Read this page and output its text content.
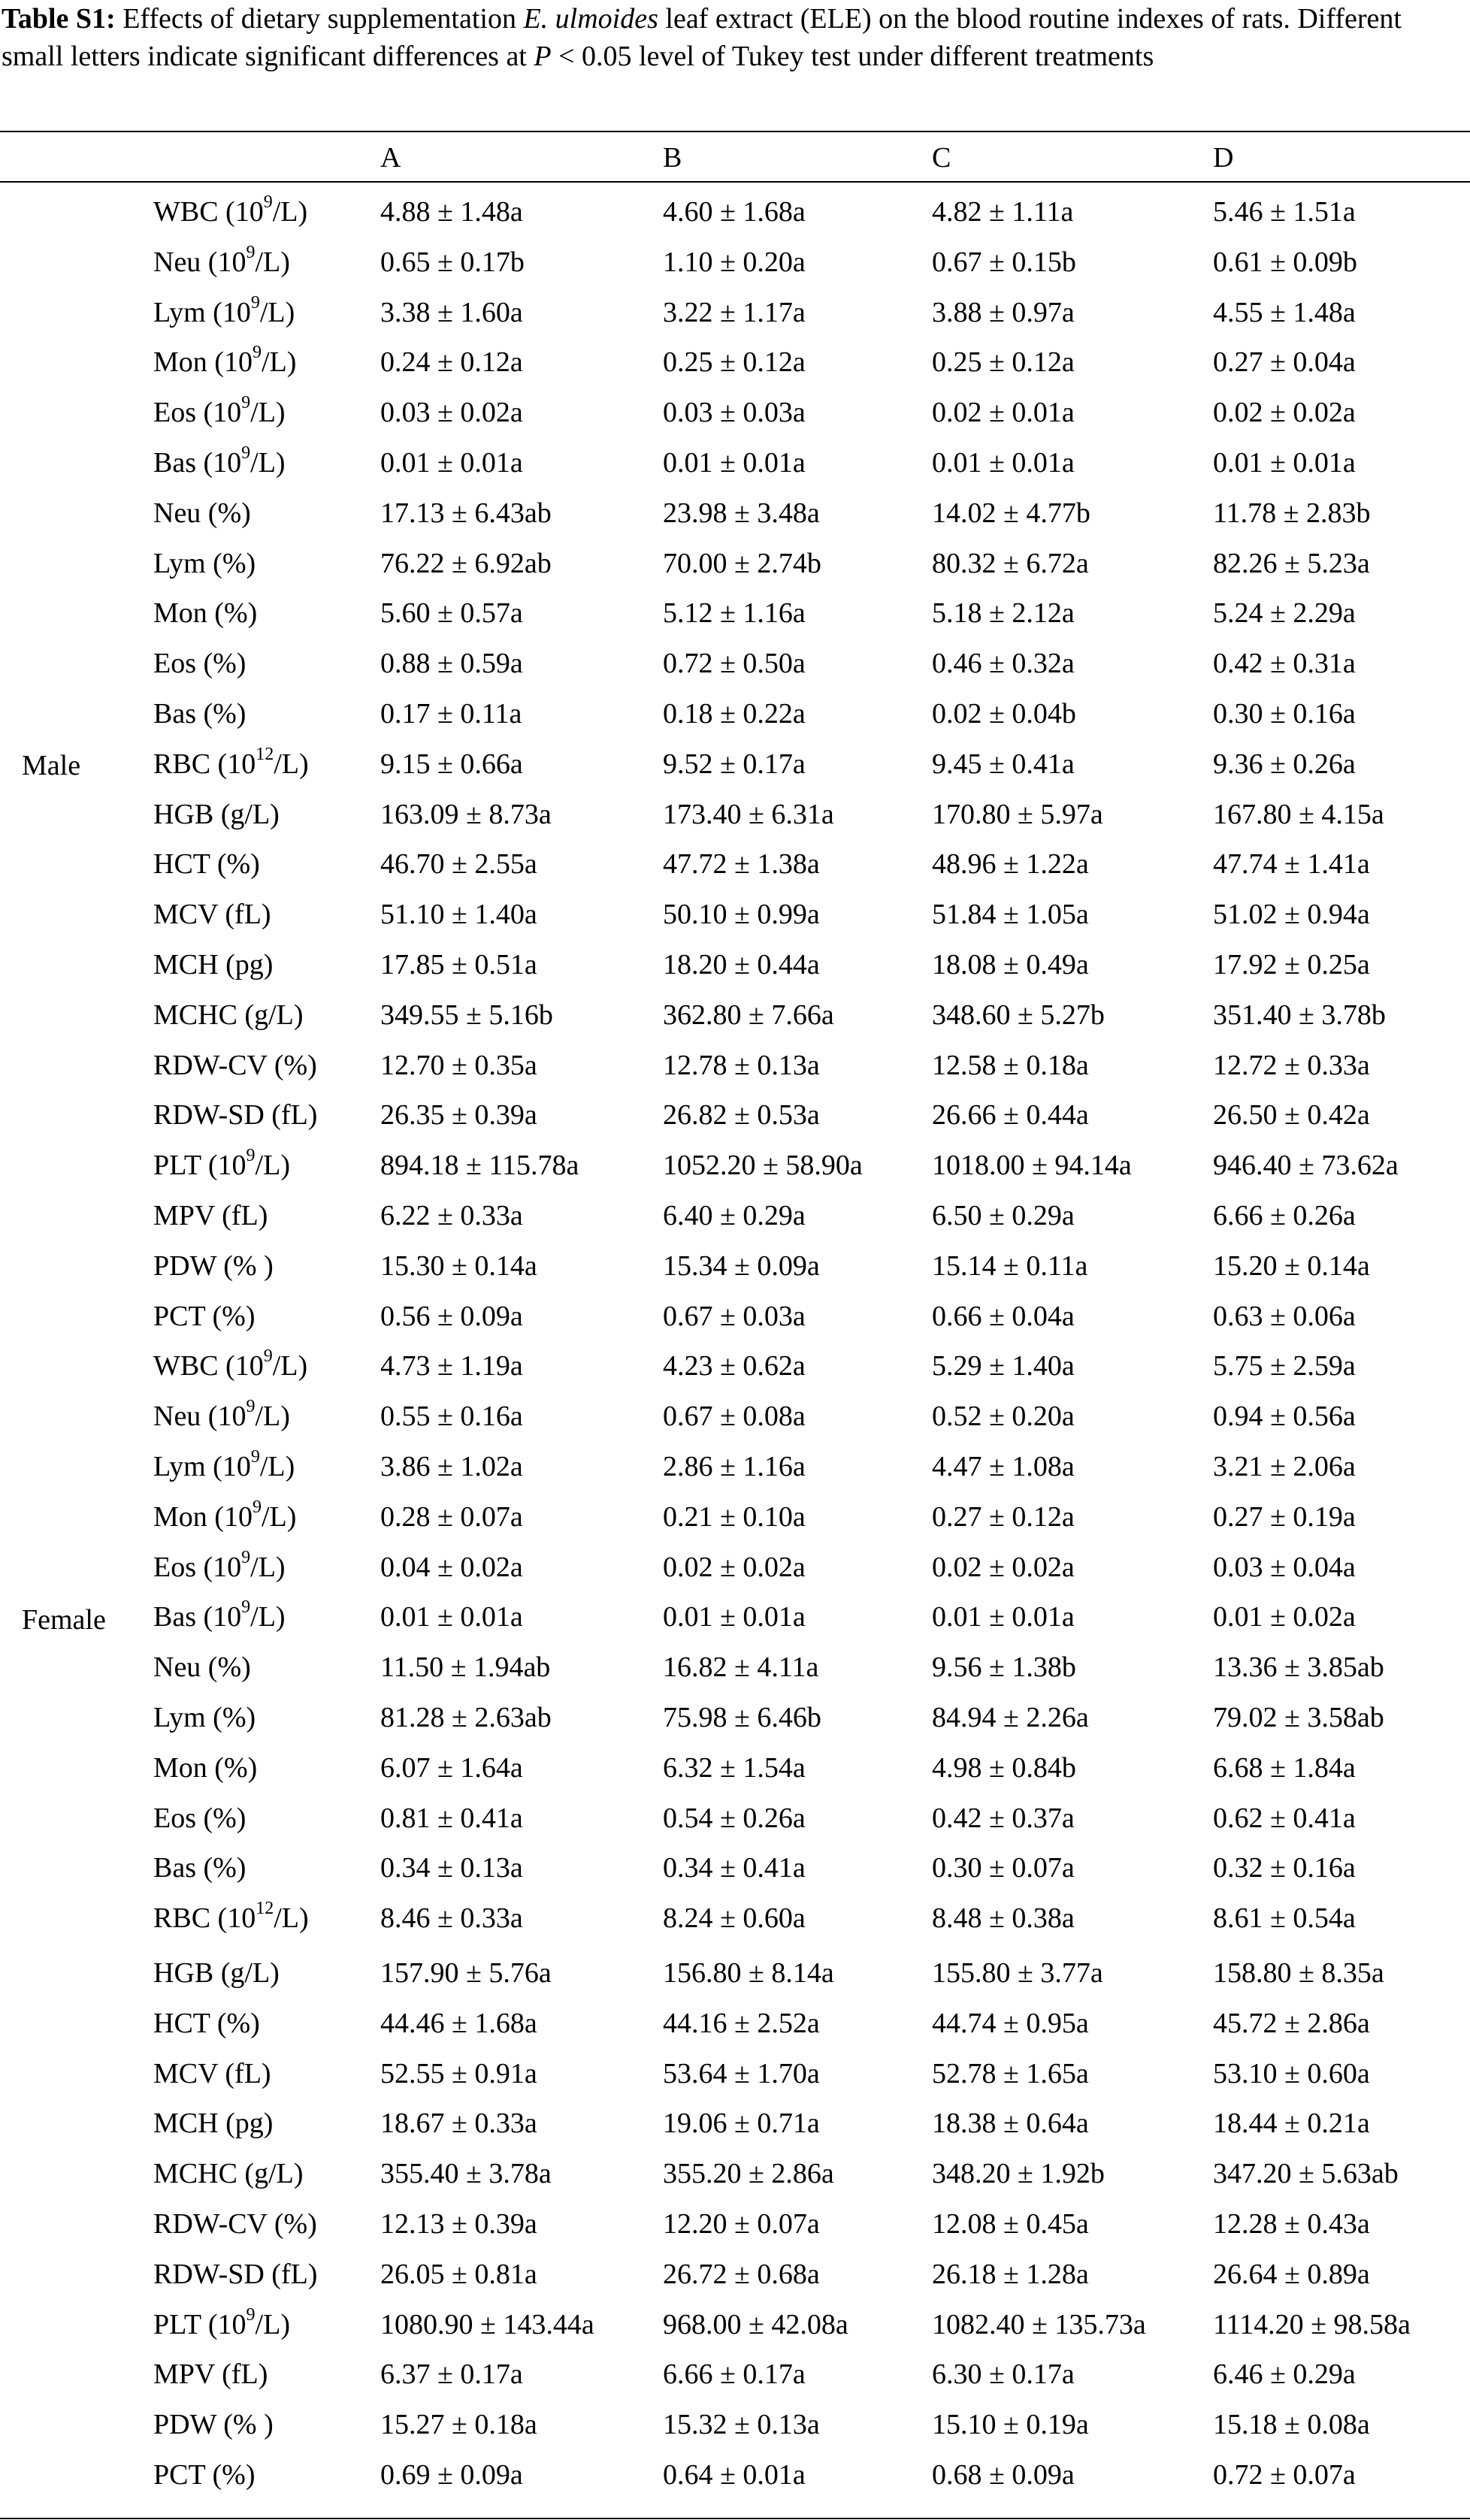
Table S1: Effects of dietary supplementation E. ulmoides leaf extract (ELE) on the blood routine indexes of rats. Different small letters indicate significant differences at P < 0.05 level of Tukey test under different treatments
A	B	C	D
Male
Female
WBC $(10^9/L)$	4.88 ± 1.48a	4.60 ± 1.68a	4.82 ± 1.11a	5.46 ± 1.51a
Neu $(10^9/L)$	0.65 ± 0.17b	1.10 ± 0.20a	0.67 ± 0.15b	0.61 ± 0.09b
Lym $(10^9/L)$	3.38 ± 1.60a	3.22 ± 1.17a	3.88 ± 0.97a	4.55 ± 1.48a
Mon $(10^9/L)$	0.24 ± 0.12a	0.25 ± 0.12a	0.25 ± 0.12a	0.27 ± 0.04a
Eos $(10^9/L)$	0.03 ± 0.02a	0.03 ± 0.03a	0.02 ± 0.01a	0.02 ± 0.02a
Bas $(10^9/L)$	0.01 ± 0.01a	0.01 ± 0.01a	0.01 ± 0.01a	0.01 ± 0.01a
Neu (%)	17.13 ± 6.43ab	23.98 ± 3.48a	14.02 ± 4.77b	11.78 ± 2.83b
Lym (%)	76.22 ± 6.92ab	70.00 ± 2.74b	80.32 ± 6.72a	82.26 ± 5.23a
Mon (%)	5.60 ± 0.57a	5.12 ± 1.16a	5.18 ± 2.12a	5.24 ± 2.29a
Eos (%)	0.88 ± 0.59a	0.72 ± 0.50a	0.46 ± 0.32a	0.42 ± 0.31a
Bas (%)	0.17 ± 0.11a	0.18 ± 0.22a	0.02 ± 0.04b	0.30 ± 0.16a
RBC $(10^{12}/L)$	9.15 ± 0.66a	9.52 ± 0.17a	9.45 ± 0.41a	9.36 ± 0.26a
HGB (g/L)	163.09 ± 8.73a	173.40 ± 6.31a	170.80 ± 5.97a	167.80 ± 4.15a
HCT (%)	46.70 ± 2.55a	47.72 ± 1.38a	48.96 ± 1.22a	47.74 ± 1.41a
MCV (fL)	51.10 ± 1.40a	50.10 ± 0.99a	51.84 ± 1.05a	51.02 ± 0.94a
MCH (pg)	17.85 ± 0.51a	18.20 ± 0.44a	18.08 ± 0.49a	17.92 ± 0.25a
MCHC (g/L)	349.55 ± 5.16b	362.80 ± 7.66a	348.60 ± 5.27b	351.40 ± 3.78b
RDW-CV (%) 12.70 ± 0.35a	12.78 ± 0.13a	12.58 ± 0.18a	12.72 ± 0.33a
RDW-SD (fL) 26.35 ± 0.39a	26.82 ± 0.53a	26.66 ± 0.44a	26.50 ± 0.42a
PLT $(10^9/L)$	894.18 ± 115.78a	1052.20 ± 58.90a 1018.00 ± 94.14a	946.40 ± 73.62a
MPV (fL)	6.22 ± 0.33a	6.40 ± 0.29a	6.50 ± 0.29a	6.66 ± 0.26a
PDW (% )	15.30 ± 0.14a	15.34 ± 0.09a	15.14 ± 0.11a	15.20 ± 0.14a
PCT (%)	0.56 ± 0.09a	0.67 ± 0.03a	0.66 ± 0.04a	0.63 ± 0.06a
WBC $(10^9/L)$	4.73 ± 1.19a	4.23 ± 0.62a	5.29 ± 1.40a	5.75 ± 2.59a
Neu $(10^9/L)$	0.55 ± 0.16a	0.67 ± 0.08a	0.52 ± 0.20a	0.94 ± 0.56a
Lym $(10^9/L)$	3.86 ± 1.02a	2.86 ± 1.16a	4.47 ± 1.08a	3.21 ± 2.06a
Mon $(10^9/L)$	0.28 ± 0.07a	0.21 ± 0.10a	0.27 ± 0.12a	0.27 ± 0.19a
Eos $(10^9/L)$	0.04 ± 0.02a	0.02 ± 0.02a	0.02 ± 0.02a	0.03 ± 0.04a
Bas $(10^9/L)$	0.01 ± 0.01a	0.01 ± 0.01a	0.01 ± 0.01a	0.01 ± 0.02a
Neu (%)	11.50 ± 1.94ab	16.82 ± 4.11a	9.56 ± 1.38b	13.36 ± 3.85ab
Lym (%)	81.28 ± 2.63ab	75.98 ± 6.46b	84.94 ± 2.26a	79.02 ± 3.58ab
Mon (%)	6.07 ± 1.64a	6.32 ± 1.54a	4.98 ± 0.84b	6.68 ± 1.84a
Eos (%)	0.81 ± 0.41a	0.54 ± 0.26a	0.42 ± 0.37a	0.62 ± 0.41a
Bas (%)	0.34 ± 0.13a	0.34 ± 0.41a	0.30 ± 0.07a	0.32 ± 0.16a
RBC $(10^{12}/L)$	8.46 ± 0.33a	8.24 ± 0.60a	8.48 ± 0.38a	8.61 ± 0.54a
HGB (g/L)	157.90 ± 5.76a	156.80 ± 8.14a	155.80 ± 3.77a	158.80 ± 8.35a
HCT (%)	44.46 ± 1.68a	44.16 ± 2.52a	44.74 ± 0.95a	45.72 ± 2.86a
MCV (fL)	52.55 ± 0.91a	53.64 ± 1.70a	52.78 ± 1.65a	53.10 ± 0.60a
MCH (pg)	18.67 ± 0.33a	19.06 ± 0.71a	18.38 ± 0.64a	18.44 ± 0.21a
MCHC (g/L)	355.40 ± 3.78a	355.20 ± 2.86a	348.20 ± 1.92b	347.20 ± 5.63ab
RDW-CV (%) 12.13 ± 0.39a	12.20 ± 0.07a	12.08 ± 0.45a	12.28 ± 0.43a
RDW-SD (fL) 26.05 ± 0.81a	26.72 ± 0.68a	26.18 ± 1.28a	26.64 ± 0.89a
PLT $(10^9/L)$	1080.90 ± 143.44a 968.00 ± 42.08a	1082.40 ± 135.73a 1114.20 ± 98.58a
MPV (fL)	6.37 ± 0.17a	6.66 ± 0.17a	6.30 ± 0.17a	6.46 ± 0.29a
PDW (% )	15.27 ± 0.18a	15.32 ± 0.13a	15.10 ± 0.19a	15.18 ± 0.08a
PCT (%)	0.69 ± 0.09a	0.64 ± 0.01a	0.68 ± 0.09a	0.72 ± 0.07a
